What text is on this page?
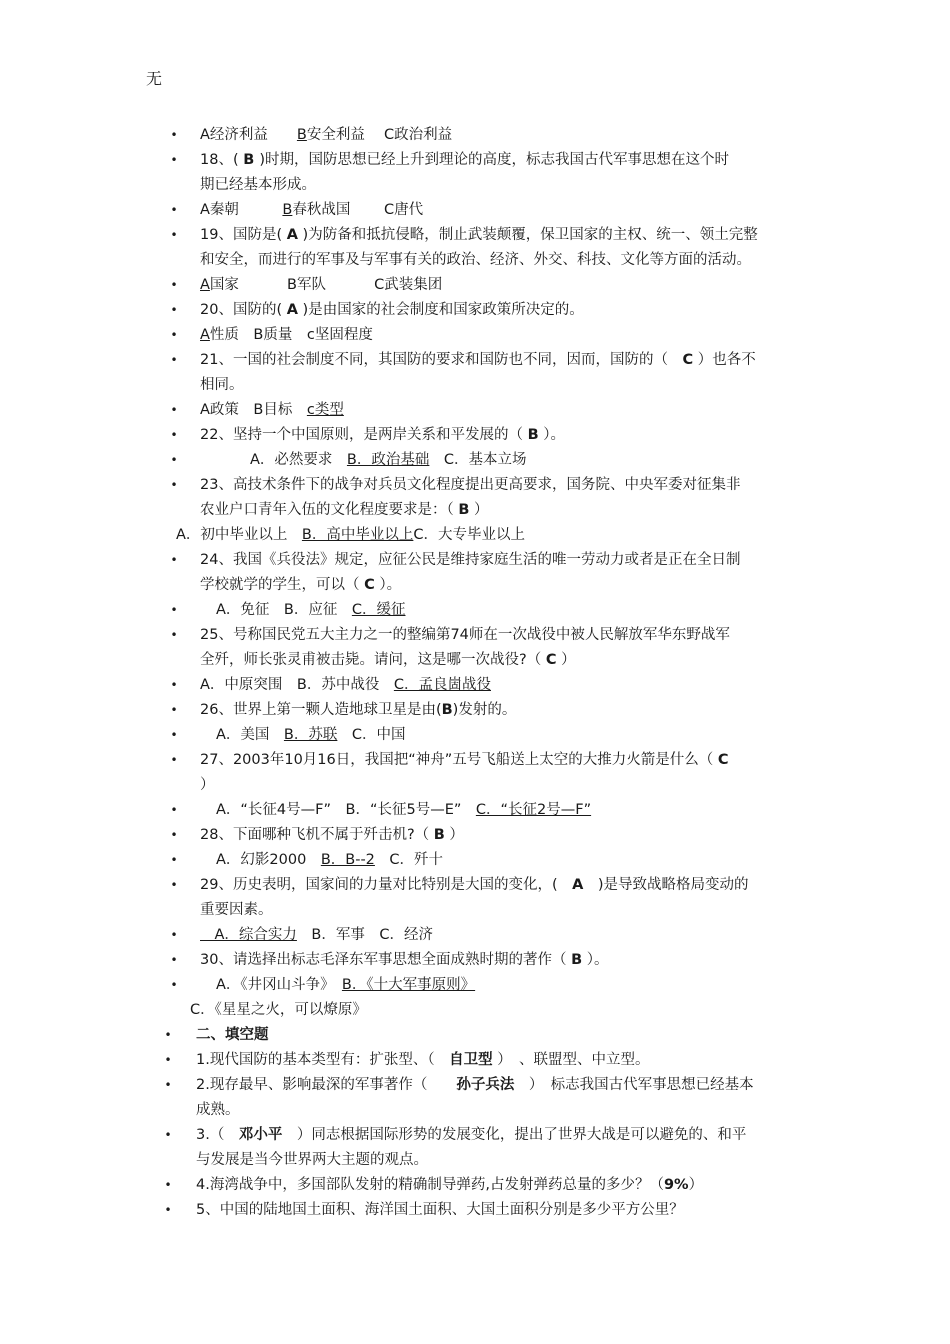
无
• A经济利益　　B安全利益　 C政治利益
• 18、( B )时期，国防思想已经上升到理论的高度，标志我国古代军事思想在这个时
期已经基本形成。
• A秦朝　　　B春秋战国　　 C唐代
• 19、国防是( A )为防备和抵抗侵略，制止武装颠覆，保卫国家的主权、统一、领土完整
和安全，而进行的军事及与军事有关的政治、经济、外交、科技、文化等方面的活动。
• A国家　　　 B军队　　　 C武装集团
• 20、国防的( A )是由国家的社会制度和国家政策所决定的。
• A性质　B质量　c坚固程度
• 21、一国的社会制度不同，其国防的要求和国防也不同，因而，国防的（　C ）也各不
相同。
• A政策　B目标　c类型
• 22、坚持一个中国原则，是两岸关系和平发展的（ B ）。
•	A．必然要求　B．政治基础　C．基本立场
• 23、高技术条件下的战争对兵员文化程度提出更高要求，国务院、中央军委对征集非
农业户口青年入伍的文化程度要求是：（ B ）
A．初中毕业以上　B．高中毕业以上C．大专毕业以上
• 24、我国《兵役法》规定，应征公民是维持家庭生活的唯一劳动力或者是正在全日制
学校就学的学生，可以（ C ）。
•	A．免征　B．应征　C．缓征
• 25、号称国民党五大主力之一的整编第74师在一次战役中被人民解放军华东野战军
全歼，师长张灵甫被击毙。请问，这是哪一次战役?（ C ）
• A．中原突围　B．苏中战役　C．孟良崮战役
• 26、世界上第一颗人造地球卫星是由(B)发射的。
•	A．美国　B．苏联　C．中国
• 27、2003年10月16日，我国把“神舟”五号飞船送上太空的大推力火箭是什么（ C
）
•	A．“长征4号—F”　B．“长征5号—E”　C．“长征2号—F”
• 28、下面哪种飞机不属于歼击机?（ B ）
•	A．幻影2000　B．B--2　C．歼十
• 29、历史表明，国家间的力量对比特别是大国的变化，(　A　)是导致战略格局变动的
重要因素。
• 　A．综合实力　B．军事　C．经济
• 30、请选择出标志毛泽东军事思想全面成熟时期的著作（ B ）。
•	A．《井冈山斗争》　B．《十大军事原则》
C．《星星之火，可以燎原》
• 二、填空题
• 1.现代国防的基本类型有：扩张型、（　自卫型 ）　、联盟型、中立型。
• 2.现存最早、影响最深的军事著作（　　孙子兵法　）　标志我国古代军事思想已经基本
成熟。
• 3.（　邓小平　）同志根据国际形势的发展变化，提出了世界大战是可以避免的、和平
与发展是当今世界两大主题的观点。
• 4.海湾战争中，多国部队发射的精确制导弹药,占发射弹药总量的多少？（9%）
• 5、中国的陆地国土面积、海洋国土面积、大国土面积分别是多少平方公里？
